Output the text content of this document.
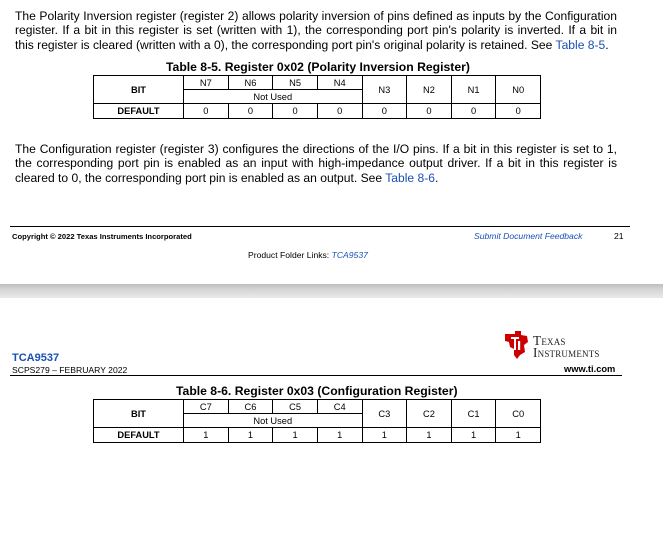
The Polarity Inversion register (register 2) allows polarity inversion of pins defined as inputs by the Configuration register. If a bit in this register is set (written with 1), the corresponding port pin's polarity is inverted. If a bit in this register is cleared (written with a 0), the corresponding port pin's original polarity is retained. See Table 8-5.

Table 8-5. Register 0x02 (Polarity Inversion Register)
BIT	N7	N6	N5	N4	N3	N2	N1	N0
	Not Used							
DEFAULT	0	0	0	0	0	0	0	0

The Configuration register (register 3) configures the directions of the I/O pins. If a bit in this register is set to 1, the corresponding port pin is enabled as an input with high-impedance output driver. If a bit in this register is cleared to 0, the corresponding port pin is enabled as an output. See Table 8-6.

Copyright © 2022 Texas Instruments Incorporated	Submit Document Feedback	21
Product Folder Links: TCA9537
Texas
Instruments
www.ti.com
TCA9537
SCPS279 – FEBRUARY 2022
Table 8-6. Register 0x03 (Configuration Register)
BIT	C7	C6	C5	C4	C3	C2	C1	C0
	Not Used							
DEFAULT	1	1	1	1	1	1	1	1
